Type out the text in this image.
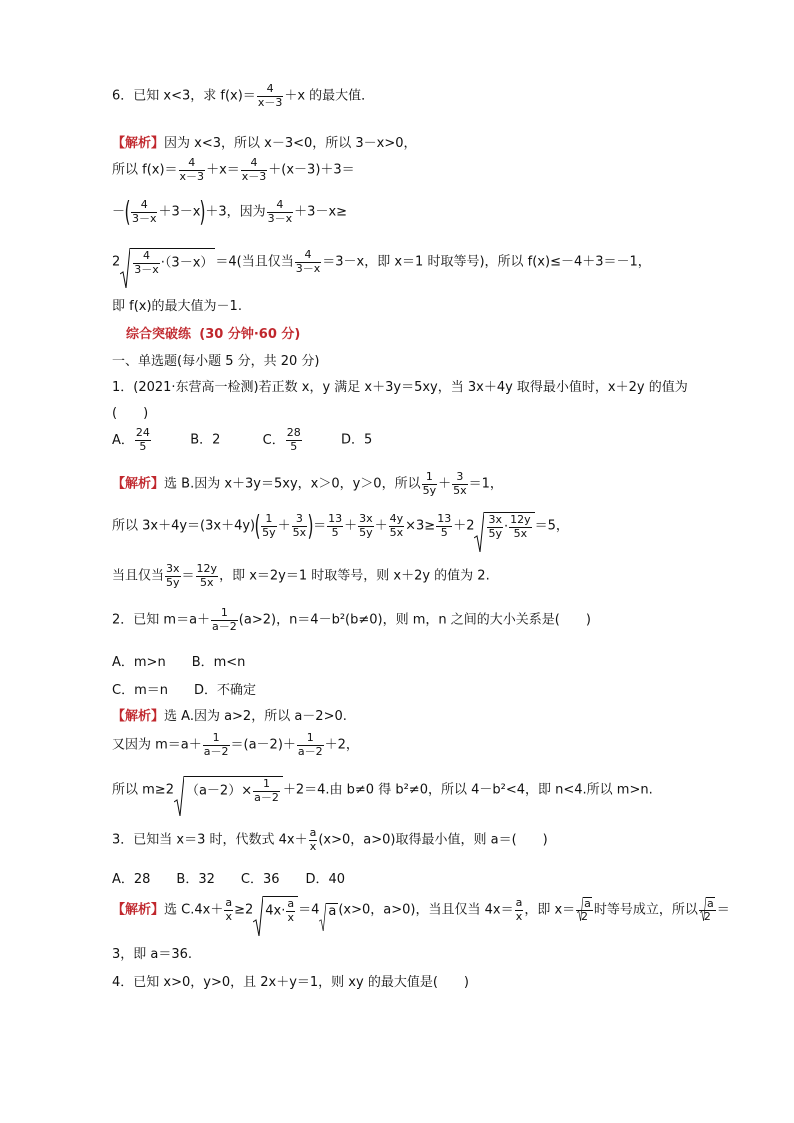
6．已知 x<3，求 $f(x)= \frac{4}{x-3} +x$ 的最大值．
【解析】因为 x<3，所以 x－3<0，所以 3－x>0，
所以 $f(x)= \frac{4}{x-3} +x= \frac{4}{x-3} +(x-3)+3=$
－( $\frac{4}{3-x} +3-x)+3$，因为 $\frac{4}{3-x} +3-x\ge$
$2 \frac{4}{3-x} \cdot(3-x) =4$(当且仅当 $\frac{4}{3-x} =3-x$，即 x＝1 时取等号)，所以 f(x)≤－4＋3＝－1，
即 f(x)的最大值为－1.
综合突破练 (30 分钟·60 分)
一、单选题(每小题 5 分，共 20 分)
1．(2021·东营高一检测)若正数 x，y 满足 x＋3y＝5xy，当 3x＋4y 取得最小值时，x＋2y 的值为
(　　)
A． $\frac{24}{5}$	B．2	C． $\frac{28}{5}$	D．5
【解析】选 B.因为 x＋3y＝5xy，x＞0，y＞0，所以 $\frac{1}{5y} + \frac{3}{5x} =1$，
所以 $3x+4y=(3x+4y)( \frac{1}{5y} + \frac{3}{5x}$ )＝ $\frac{13}{5} + \frac{3x}{5y} + \frac{4y}{5x} \times 3\ge \frac{13}{5} +2 \frac{3x}{5y} \cdot \frac{12y}{5x} =5$，
当且仅当 $\frac{3x}{5y} = \frac{12y}{5x}$ ，即 x＝2y＝1 时取等号，则 x＋2y 的值为 2.
2．已知 $m=a+ \frac{1}{a-2} (a>2)$，n＝4－b²(b≠0)，则 m，n 之间的大小关系是(　　)
A．m>n　　B．m<n
C．m＝n　　D．不确定
【解析】选 A.因为 a>2，所以 a－2>0.
又因为 $m=a+ \frac{1}{a-2} =(a-2)+ \frac{1}{a-2} +2$，
所以 m≥2 $(a-2)\times \frac{1}{a-2} +2=4$.由 b≠0 得 b²≠0，所以 4－b²<4，即 n<4.所以 m>n.
3．已知当 x＝3 时，代数式 $4x+ \frac{a}{x} (x>0$，a>0)取得最小值，则 a＝(　　)
A．28　　B．32　　C．36　　D．40
【解析】选 $C.4x+ \frac{a}{x} \ge 2$ $4x\cdot \frac{a}{x} =4$ a (x>0，a>0)，当且仅当 $4x= \frac{a}{x}$ ，即 $x= \frac{a}{2}$ 时等号成立，所以 $\frac{a}{2}$ ＝
3，即 a＝36.
4．已知 x>0，y>0，且 2x＋y＝1，则 xy 的最大值是(　　)
